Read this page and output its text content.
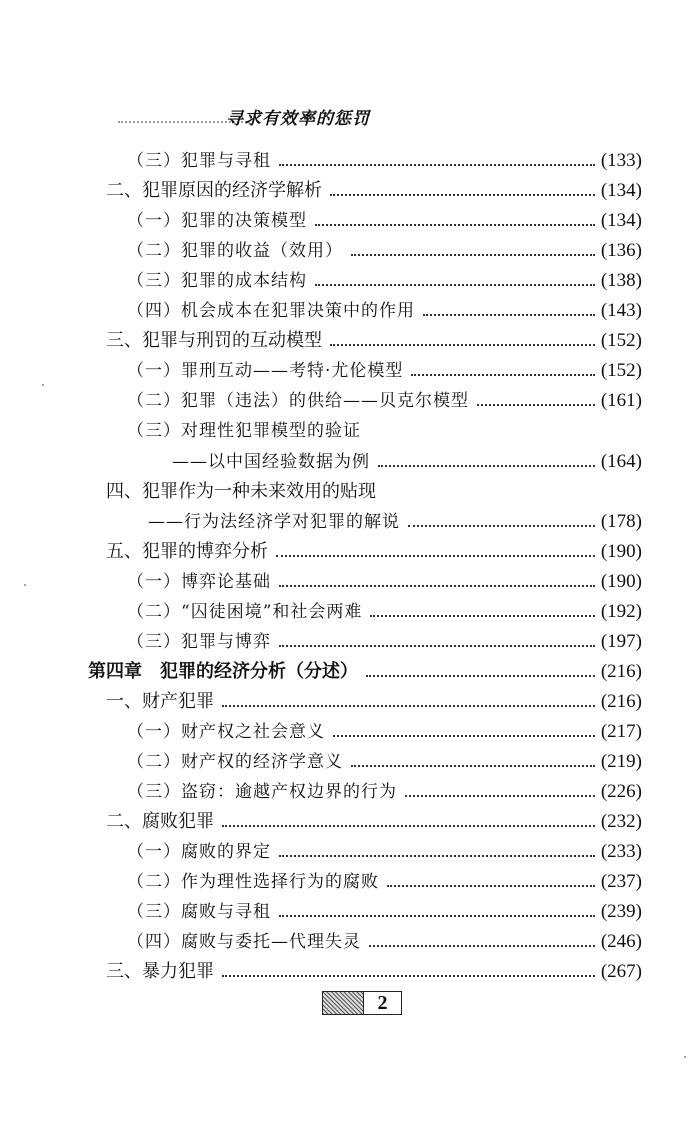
寻求有效率的惩罚
（三）犯罪与寻租	(133)
二、犯罪原因的经济学解析	(134)
（一）犯罪的决策模型	(134)
（二）犯罪的收益（效用）	(136)
（三）犯罪的成本结构	(138)
（四）机会成本在犯罪决策中的作用	(143)
三、犯罪与刑罚的互动模型	(152)
（一）罪刑互动——考特·尤伦模型	(152)
（二）犯罪（违法）的供给——贝克尔模型	(161)
（三）对理性犯罪模型的验证
——以中国经验数据为例	(164)
四、犯罪作为一种未来效用的贴现
——行为法经济学对犯罪的解说	(178)
五、犯罪的博弈分析	(190)
（一）博弈论基础	(190)
（二）“囚徒困境”和社会两难	(192)
（三）犯罪与博弈	(197)
第四章　犯罪的经济分析（分述）	(216)
一、财产犯罪	(216)
（一）财产权之社会意义	(217)
（二）财产权的经济学意义	(219)
（三）盗窃：逾越产权边界的行为	(226)
二、腐败犯罪	(232)
（一）腐败的界定	(233)
（二）作为理性选择行为的腐败	(237)
（三）腐败与寻租	(239)
（四）腐败与委托—代理失灵	(246)
三、暴力犯罪	(267)
2
